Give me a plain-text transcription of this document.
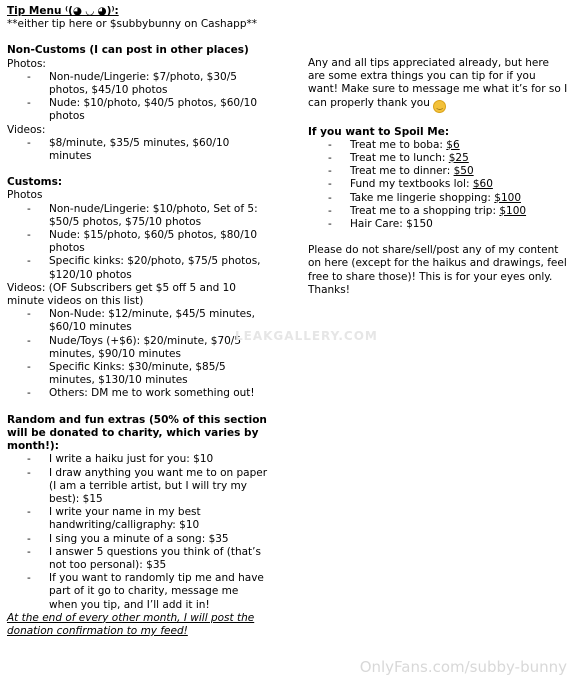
Tip Menu ⁽(◕ ◡ ◕)⁾:
**either tip here or $subbybunny on Cashapp**
Non-Customs (I can post in other places)
Photos:
- Non-nude/Lingerie: $7/photo, $30/5 photos, $45/10 photos
- Nude: $10/photo, $40/5 photos, $60/10 photos
Videos:
- $8/minute, $35/5 minutes, $60/10 minutes
Customs:
Photos
- Non-nude/Lingerie: $10/photo, Set of 5: $50/5 photos, $75/10 photos
- Nude: $15/photo, $60/5 photos, $80/10 photos
- Specific kinks: $20/photo, $75/5 photos, $120/10 photos
Videos: (OF Subscribers get $5 off 5 and 10 minute videos on this list)
- Non-Nude: $12/minute, $45/5 minutes, $60/10 minutes
- Nude/Toys (+$6): $20/minute, $70/5 minutes, $90/10 minutes
- Specific Kinks: $30/minute, $85/5 minutes, $130/10 minutes
- Others: DM me to work something out!
Random and fun extras (50% of this section will be donated to charity, which varies by month!):
- I write a haiku just for you: $10
- I draw anything you want me to on paper (I am a terrible artist, but I will try my best): $15
- I write your name in my best handwriting/calligraphy: $10
- I sing you a minute of a song: $35
- I answer 5 questions you think of (that’s not too personal): $35
- If you want to randomly tip me and have part of it go to charity, message me when you tip, and I’ll add it in!
At the end of every other month, I will post the donation confirmation to my feed!
Any and all tips appreciated already, but here are some extra things you can tip for if you want! Make sure to message me what it’s for so I can properly thank you ‿
If you want to Spoil Me:
- Treat me to boba: $6
- Treat me to lunch: $25
- Treat me to dinner: $50
- Fund my textbooks lol: $60
- Take me lingerie shopping: $100
- Treat me to a shopping trip: $100
- Hair Care: $150
Please do not share/sell/post any of my content on here (except for the haikus and drawings, feel free to share those)! This is for your eyes only. Thanks!
LEAKGALLERY.COM
OnlyFans.com/subby-bunny
